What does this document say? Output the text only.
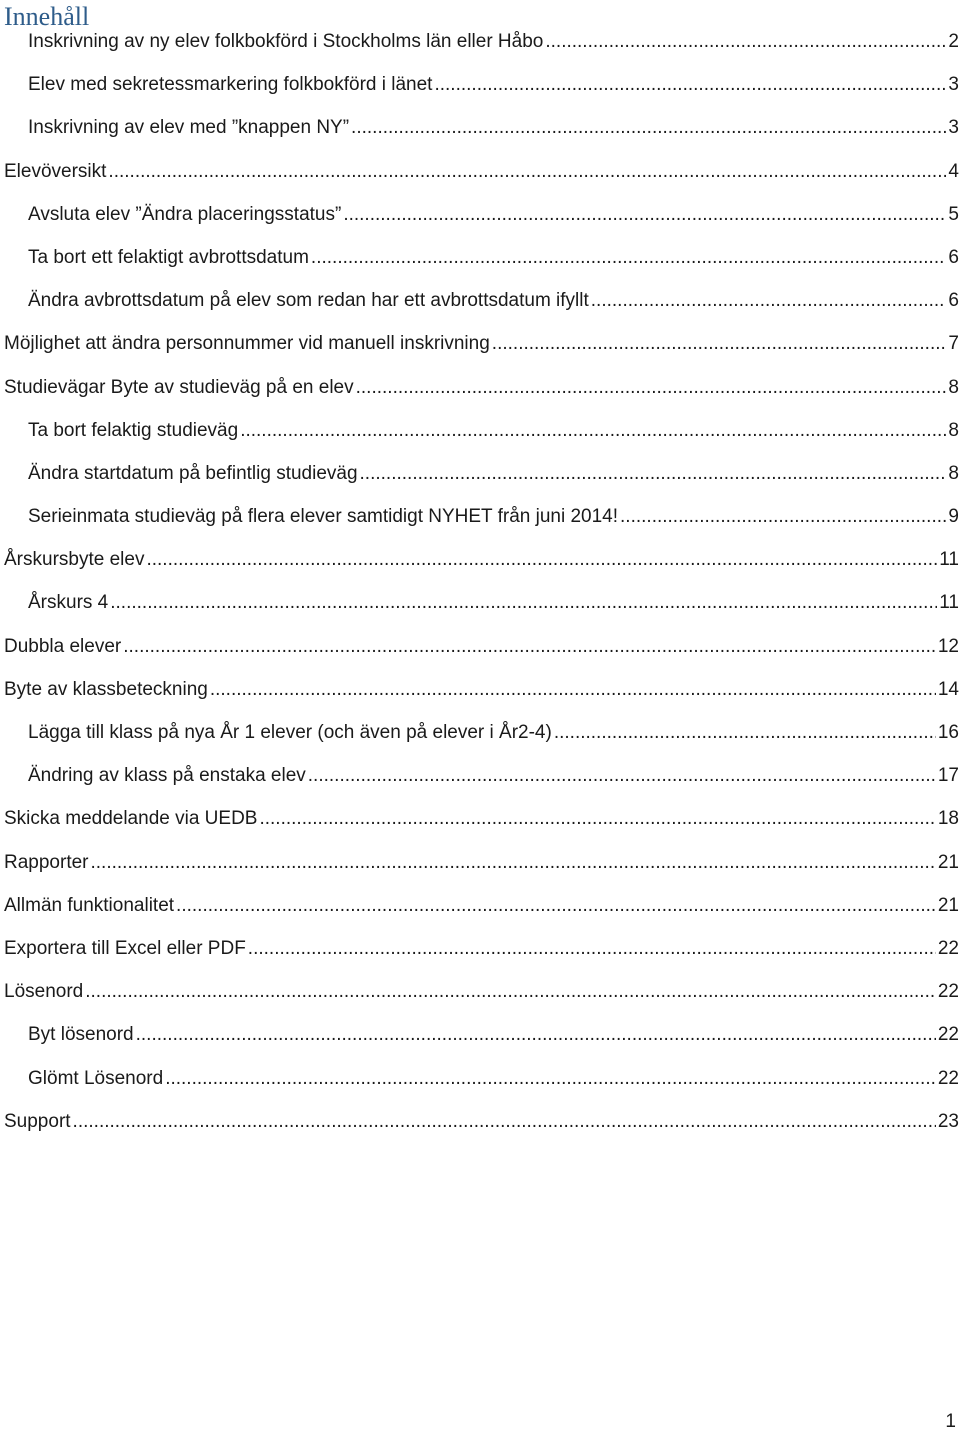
Innehåll
Inskrivning av ny elev folkbokförd i Stockholms län eller Håbo .....	2
Elev med sekretessmarkering folkbokförd i länet .....	3
Inskrivning av elev med ”knappen NY” .....	3
Elevöversikt .....	4
Avsluta elev ”Ändra placeringsstatus” .....	5
Ta bort ett felaktigt avbrottsdatum .....	6
Ändra avbrottsdatum på elev som redan har ett avbrottsdatum ifyllt .....	6
Möjlighet att ändra personnummer vid manuell inskrivning .....	7
Studievägar Byte av studieväg på en elev .....	8
Ta bort felaktig studieväg .....	8
Ändra startdatum på befintlig studieväg .....	8
Serieinmata studieväg på flera elever samtidigt NYHET från juni 2014! .....	9
Årskursbyte elev .....	11
Årskurs 4 .....	11
Dubbla elever .....	12
Byte av klassbeteckning .....	14
Lägga till klass på nya År 1 elever (och även på elever i År2-4) .....	16
Ändring av klass på enstaka elev .....	17
Skicka meddelande via UEDB .....	18
Rapporter .....	21
Allmän funktionalitet .....	21
Exportera till Excel eller PDF .....	22
Lösenord .....	22
Byt lösenord .....	22
Glömt Lösenord .....	22
Support .....	23
1
